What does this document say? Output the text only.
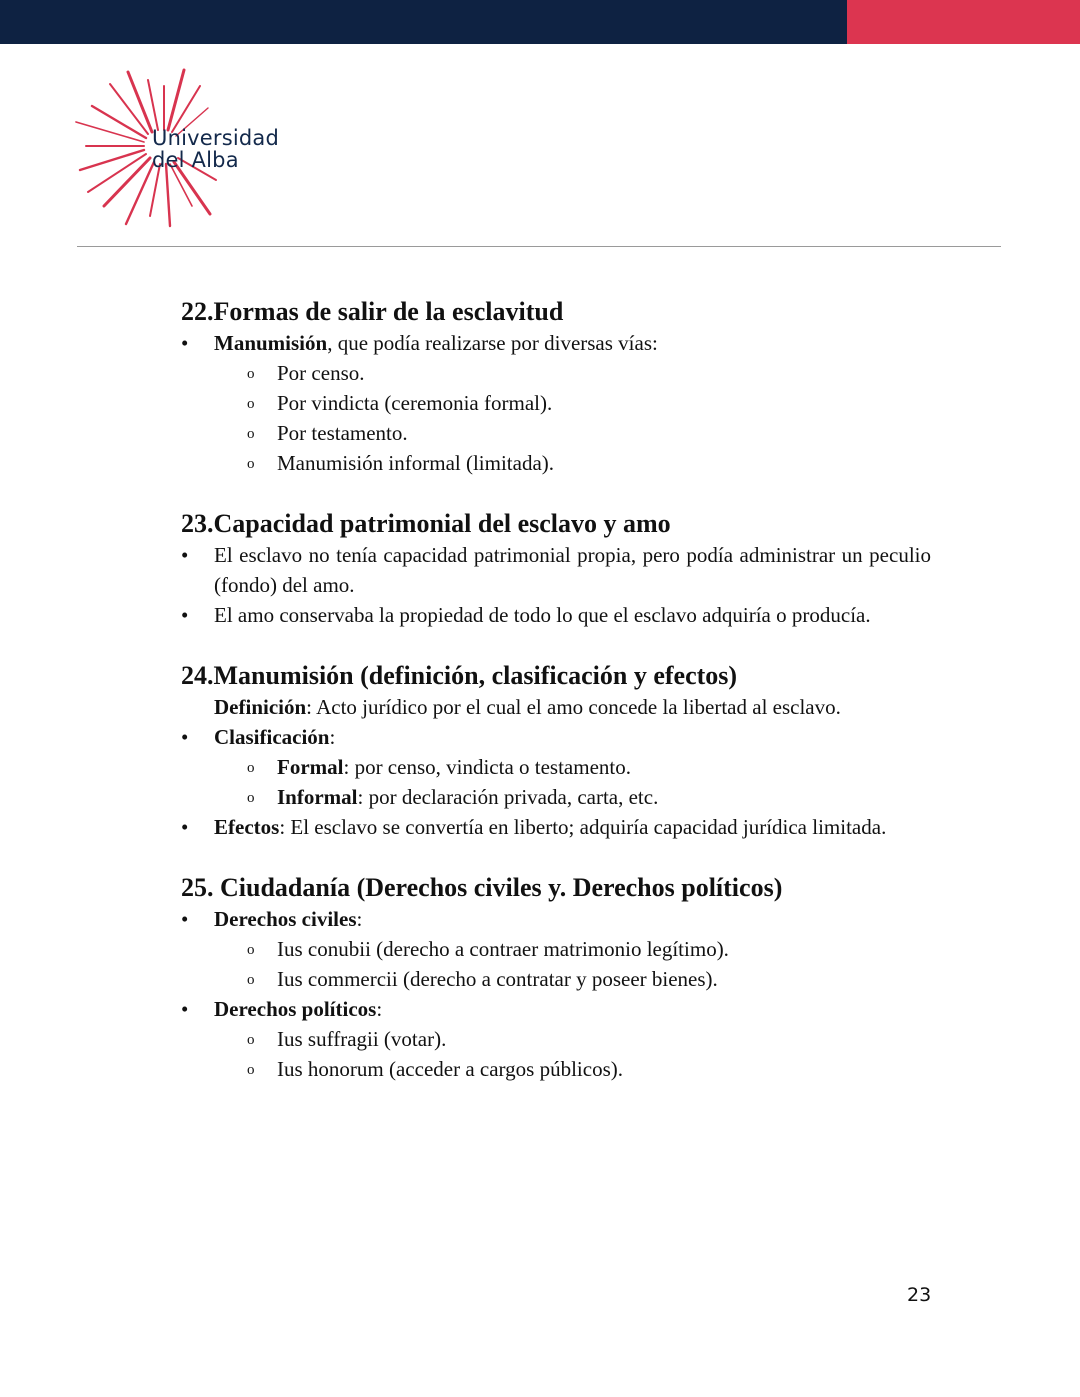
Universidad
del Alba
22.Formas de salir de la esclavitud
• Manumisión, que podía realizarse por diversas vías:
o Por censo.
o Por vindicta (ceremonia formal).
o Por testamento.
o Manumisión informal (limitada).
23.Capacidad patrimonial del esclavo y amo
• El esclavo no tenía capacidad patrimonial propia, pero podía administrar un peculio (fondo) del amo.
• El amo conservaba la propiedad de todo lo que el esclavo adquiría o producía.
24.Manumisión (definición, clasificación y efectos)
Definición: Acto jurídico por el cual el amo concede la libertad al esclavo.
• Clasificación:
o Formal: por censo, vindicta o testamento.
o Informal: por declaración privada, carta, etc.
• Efectos: El esclavo se convertía en liberto; adquiría capacidad jurídica limitada.
25. Ciudadanía (Derechos civiles y. Derechos políticos)
• Derechos civiles:
o Ius conubii (derecho a contraer matrimonio legítimo).
o Ius commercii (derecho a contratar y poseer bienes).
• Derechos políticos:
o Ius suffragii (votar).
o Ius honorum (acceder a cargos públicos).
23
